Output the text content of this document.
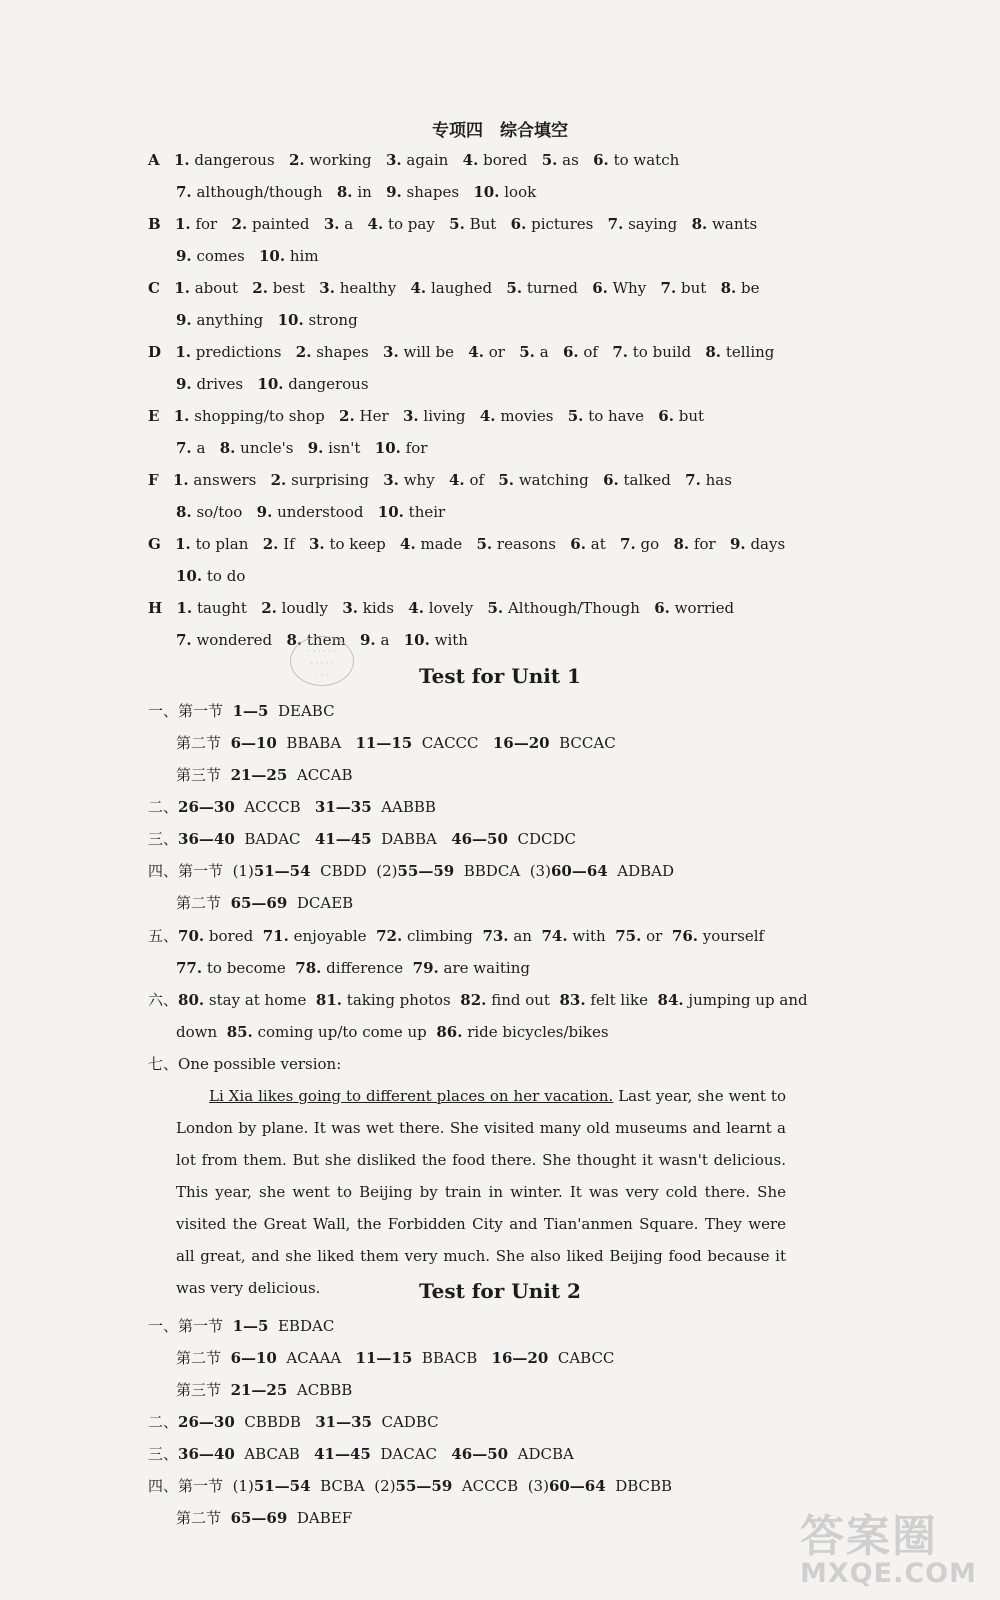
专项四　综合填空
A 1. dangerous 2. working 3. again 4. bored 5. as 6. to watch
7. although/though 8. in 9. shapes 10. look
B 1. for 2. painted 3. a 4. to pay 5. But 6. pictures 7. saying 8. wants
9. comes 10. him
C 1. about 2. best 3. healthy 4. laughed 5. turned 6. Why 7. but 8. be
9. anything 10. strong
D 1. predictions 2. shapes 3. will be 4. or 5. a 6. of 7. to build 8. telling
9. drives 10. dangerous
E 1. shopping/to shop 2. Her 3. living 4. movies 5. to have 6. but
7. a 8. uncle's 9. isn't 10. for
F 1. answers 2. surprising 3. why 4. of 5. watching 6. talked 7. has
8. so/too 9. understood 10. their
G 1. to plan 2. If 3. to keep 4. made 5. reasons 6. at 7. go 8. for 9. days
10. to do
H 1. taught 2. loudly 3. kids 4. lovely 5. Although/Though 6. worried
7. wondered 8. them 9. a 10. with
· · · · · ·
· · · · ·
· · ·	Test for Unit 1
一、第一节 1—5 DEABC
第二节 6—10 BBABA 11—15 CACCC 16—20 BCCAC
第三节 21—25 ACCAB
二、26—30 ACCCB 31—35 AABBB
三、36—40 BADAC 41—45 DABBA 46—50 CDCDC
四、第一节 (1)51—54 CBDD (2)55—59 BBDCA (3)60—64 ADBAD
第二节 65—69 DCAEB
五、70. bored 71. enjoyable 72. climbing 73. an 74. with 75. or 76. yourself
77. to become 78. difference 79. are waiting
六、80. stay at home 81. taking photos 82. find out 83. felt like 84. jumping up and
down 85. coming up/to come up 86. ride bicycles/bikes
七、One possible version:
Li Xia likes going to different places on her vacation. Last year, she went to London by plane. It was wet there. She visited many old museums and learnt a lot from them. But she disliked the food there. She thought it wasn't delicious. This year, she went to Beijing by train in winter. It was very cold there. She visited the Great Wall, the Forbidden City and Tian'anmen Square. They were all great, and she liked them very much. She also liked Beijing food because it was very delicious.	Test for Unit 2
一、第一节 1—5 EBDAC
第二节 6—10 ACAAA 11—15 BBACB 16—20 CABCC
第三节 21—25 ACBBB
二、26—30 CBBDB 31—35 CADBC
三、36—40 ABCAB 41—45 DACAC 46—50 ADCBA
四、第一节 (1)51—54 BCBA (2)55—59 ACCCB (3)60—64 DBCBB
第二节 65—69 DABEF	答案圈
MXQE.COM
